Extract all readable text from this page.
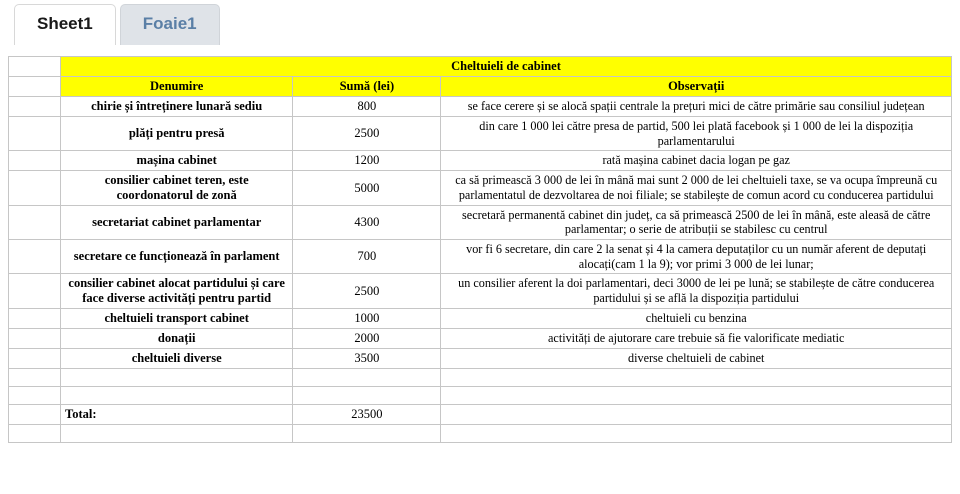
Sheet1	Foaie1
	Cheltuieli de cabinet		
	Denumire	Sumă (lei)	Observații
	chirie și întreținere lunară sediu	800	se face cerere și se alocă spații centrale la prețuri mici de către primărie sau consiliul județean
	plăți pentru presă	2500	din care 1 000 lei către presa de partid, 500 lei plată facebook și 1 000 de lei la dispoziția parlamentarului
	mașina cabinet	1200	rată mașina cabinet dacia logan pe gaz
	consilier cabinet teren, este coordonatorul de zonă	5000	ca să primească 3 000 de lei în mână mai sunt 2 000 de lei cheltuieli taxe, se va ocupa împreună cu parlamentatul de dezvoltarea de noi filiale; se stabilește de comun acord cu conducerea partidului
	secretariat cabinet parlamentar	4300	secretară permanentă cabinet din județ, ca să primească 2500 de lei în mână, este aleasă de către parlamentar; o serie de atribuții se stabilesc cu centrul
	secretare ce funcționează în parlament	700	vor fi 6 secretare, din care 2 la senat și 4 la camera deputaților cu un număr aferent de deputați alocați(cam 1 la 9); vor primi 3 000 de lei lunar;
	consilier cabinet alocat partidului și care face diverse activități pentru partid	2500	un consilier aferent la doi parlamentari, deci 3000 de lei pe lună; se stabilește de către conducerea partidului și se află la dispoziția partidului
	cheltuieli transport cabinet	1000	cheltuieli cu benzina
	donații	2000	activități de ajutorare care trebuie să fie valorificate mediatic
	cheltuieli diverse	3500	diverse cheltuieli de cabinet

	Total:	23500	
